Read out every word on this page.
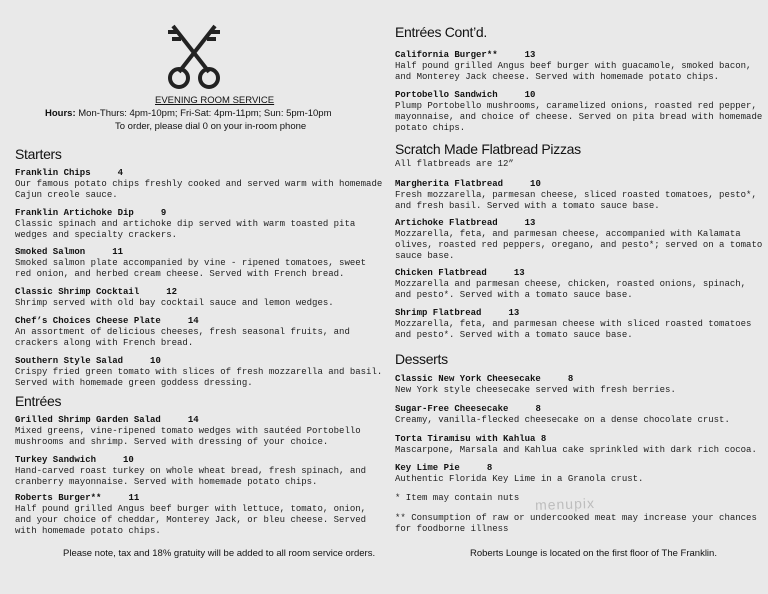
EVENING ROOM SERVICE
Hours: Mon-Thurs: 4pm-10pm; Fri-Sat: 4pm-11pm; Sun: 5pm-10pm
To order, please dial 0 on your in-room phone
Starters
Franklin Chips	4
Our famous potato chips freshly cooked and served warm with homemade Cajun creole sauce.
Franklin Artichoke Dip	9
Classic spinach and artichoke dip served with warm toasted pita wedges and specialty crackers.
Smoked Salmon	11
Smoked salmon plate accompanied by vine - ripened tomatoes, sweet red onion, and herbed cream cheese. Served with French bread.
Classic Shrimp Cocktail	12
Shrimp served with old bay cocktail sauce and lemon wedges.
Chef’s Choices Cheese Plate	14
An assortment of delicious cheeses, fresh seasonal fruits, and crackers along with French bread.
Southern Style Salad	10
Crispy fried green tomato with slices of fresh mozzarella and basil. Served with homemade green goddess dressing.
Entrées
Grilled Shrimp Garden Salad	14
Mixed greens, vine-ripened tomato wedges with sautéed Portobello mushrooms and shrimp. Served with dressing of your choice.
Turkey Sandwich	10
Hand-carved roast turkey on whole wheat bread, fresh spinach, and cranberry mayonnaise. Served with homemade potato chips.
Roberts Burger**	11
Half pound grilled Angus beef burger with lettuce, tomato, onion, and your choice of cheddar, Monterey Jack, or bleu cheese. Served with homemade potato chips.
Please note, tax and 18% gratuity will be added to all room service orders.
Entrées Cont’d.
California Burger**	13
Half pound grilled Angus beef burger with guacamole, smoked bacon, and Monterey Jack cheese. Served with homemade potato chips.
Portobello Sandwich	10
Plump Portobello mushrooms, caramelized onions, roasted red pepper, mayonnaise, and choice of cheese. Served on pita bread with homemade potato chips.
Scratch Made Flatbread Pizzas
All flatbreads are 12”
Margherita Flatbread	10
Fresh mozzarella, parmesan cheese, sliced roasted tomatoes, pesto*, and fresh basil. Served with a tomato sauce base.
Artichoke Flatbread	13
Mozzarella, feta, and parmesan cheese, accompanied with Kalamata olives, roasted red peppers, oregano, and pesto*; served on a tomato sauce base.
Chicken Flatbread	13
Mozzarella and parmesan cheese, chicken, roasted onions, spinach, and pesto*. Served with a tomato sauce base.
Shrimp Flatbread	13
Mozzarella, feta, and parmesan cheese with sliced roasted tomatoes and pesto*. Served with a tomato sauce base.
Desserts
Classic New York Cheesecake	8
New York style cheesecake served with fresh berries.
Sugar-Free Cheesecake	8
Creamy, vanilla-flecked cheesecake on a dense chocolate crust.
Torta Tiramisu with Kahlua 8
Mascarpone, Marsala and Kahlua cake sprinkled with dark rich cocoa.
Key Lime Pie	8
Authentic Florida Key Lime in a Granola crust.
* Item may contain nuts
** Consumption of raw or undercooked meat may increase your chances for foodborne illness
menupix
Roberts Lounge is located on the first floor of The Franklin.
